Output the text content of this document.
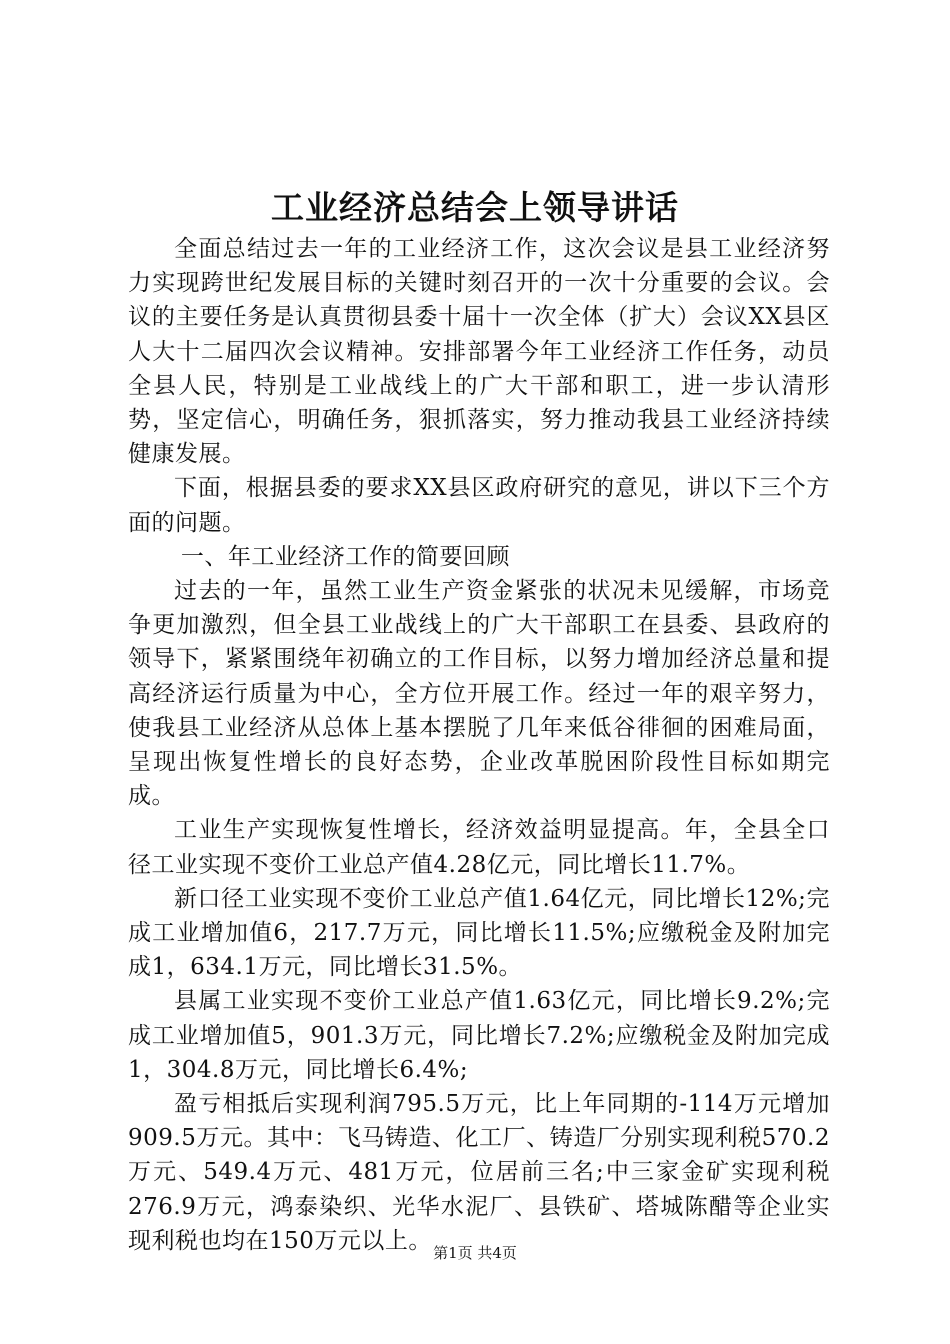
工业经济总结会上领导讲话

全面总结过去一年的工业经济工作，这次会议是县工业经济努力实现跨世纪发展目标的关键时刻召开的一次十分重要的会议。会议的主要任务是认真贯彻县委十届十一次全体（扩大）会议XX县区人大十二届四次会议精神。安排部署今年工业经济工作任务，动员全县人民，特别是工业战线上的广大干部和职工，进一步认清形势，坚定信心，明确任务，狠抓落实，努力推动我县工业经济持续健康发展。

下面，根据县委的要求XX县区政府研究的意见，讲以下三个方面的问题。

一、年工业经济工作的简要回顾

过去的一年，虽然工业生产资金紧张的状况未见缓解，市场竞争更加激烈，但全县工业战线上的广大干部职工在县委、县政府的领导下，紧紧围绕年初确立的工作目标，以努力增加经济总量和提高经济运行质量为中心，全方位开展工作。经过一年的艰辛努力，使我县工业经济从总体上基本摆脱了几年来低谷徘徊的困难局面，呈现出恢复性增长的良好态势，企业改革脱困阶段性目标如期完成。

工业生产实现恢复性增长，经济效益明显提高。年，全县全口径工业实现不变价工业总产值4.28亿元，同比增长11.7%。

新口径工业实现不变价工业总产值1.64亿元，同比增长12%;完成工业增加值6，217.7万元，同比增长11.5%;应缴税金及附加完成1，634.1万元，同比增长31.5%。

县属工业实现不变价工业总产值1.63亿元，同比增长9.2%;完成工业增加值5，901.3万元，同比增长7.2%;应缴税金及附加完成1，304.8万元，同比增长6.4%;

盈亏相抵后实现利润795.5万元，比上年同期的-114万元增加909.5万元。其中：飞马铸造、化工厂、铸造厂分别实现利税570.2万元、549.4万元、481万元，位居前三名;中三家金矿实现利税276.9万元，鸿泰染织、光华水泥厂、县铁矿、塔城陈醋等企业实现利税也均在150万元以上。 第1页 共4页
